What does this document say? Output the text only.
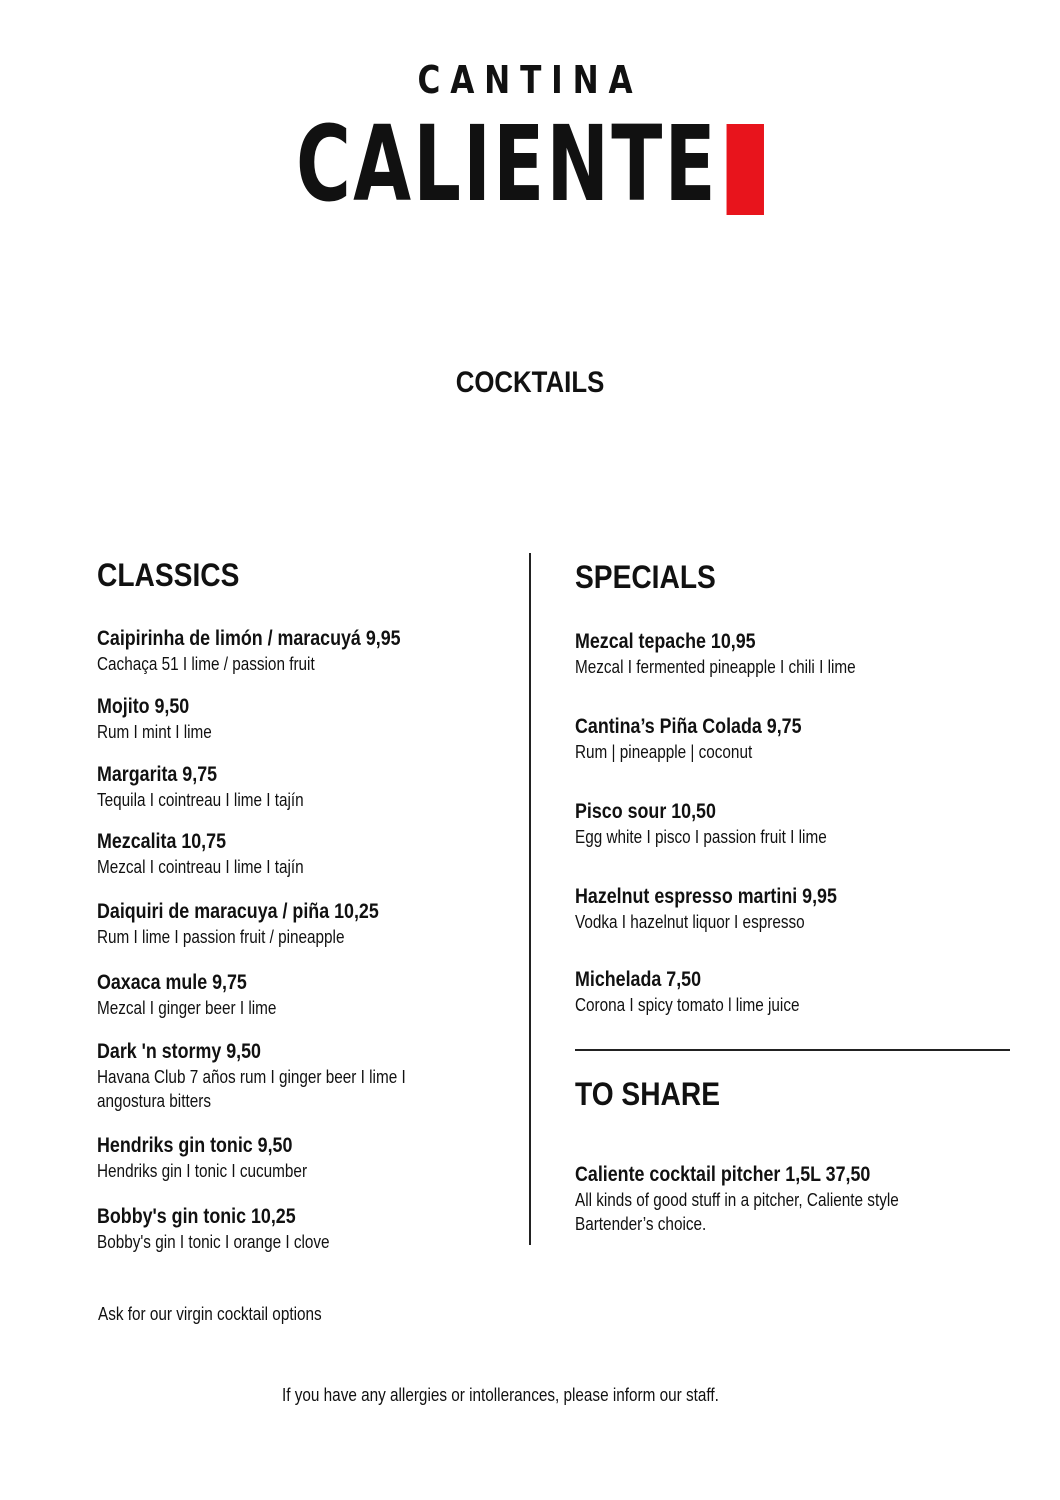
CANTINA
CALIENTE
COCKTAILS
CLASSICS
Caipirinha de limón / maracuyá 9,95
Cachaça 51 I lime / passion fruit
Mojito 9,50
Rum I mint I lime
Margarita 9,75
Tequila I cointreau I lime I tajín
Mezcalita 10,75
Mezcal I cointreau I lime I tajín
Daiquiri de maracuya / piña 10,25
Rum I lime I passion fruit / pineapple
Oaxaca mule 9,75
Mezcal I ginger beer I lime
Dark 'n stormy 9,50
Havana Club 7 años rum I ginger beer I lime I angostura bitters
Hendriks gin tonic 9,50
Hendriks gin I tonic I cucumber
Bobby's gin tonic 10,25
Bobby's gin I tonic I orange I clove
SPECIALS
Mezcal tepache 10,95
Mezcal I fermented pineapple I chili I lime
Cantina’s Piña Colada 9,75
Rum | pineapple | coconut
Pisco sour 10,50
Egg white I pisco I passion fruit I lime
Hazelnut espresso martini 9,95
Vodka I hazelnut liquor I espresso
Michelada 7,50
Corona I spicy tomato l lime juice
TO SHARE
Caliente cocktail pitcher 1,5L 37,50
All kinds of good stuff in a pitcher, Caliente style
Bartender’s choice.
Ask for our virgin cocktail options
If you have any allergies or intollerances, please inform our staff.
